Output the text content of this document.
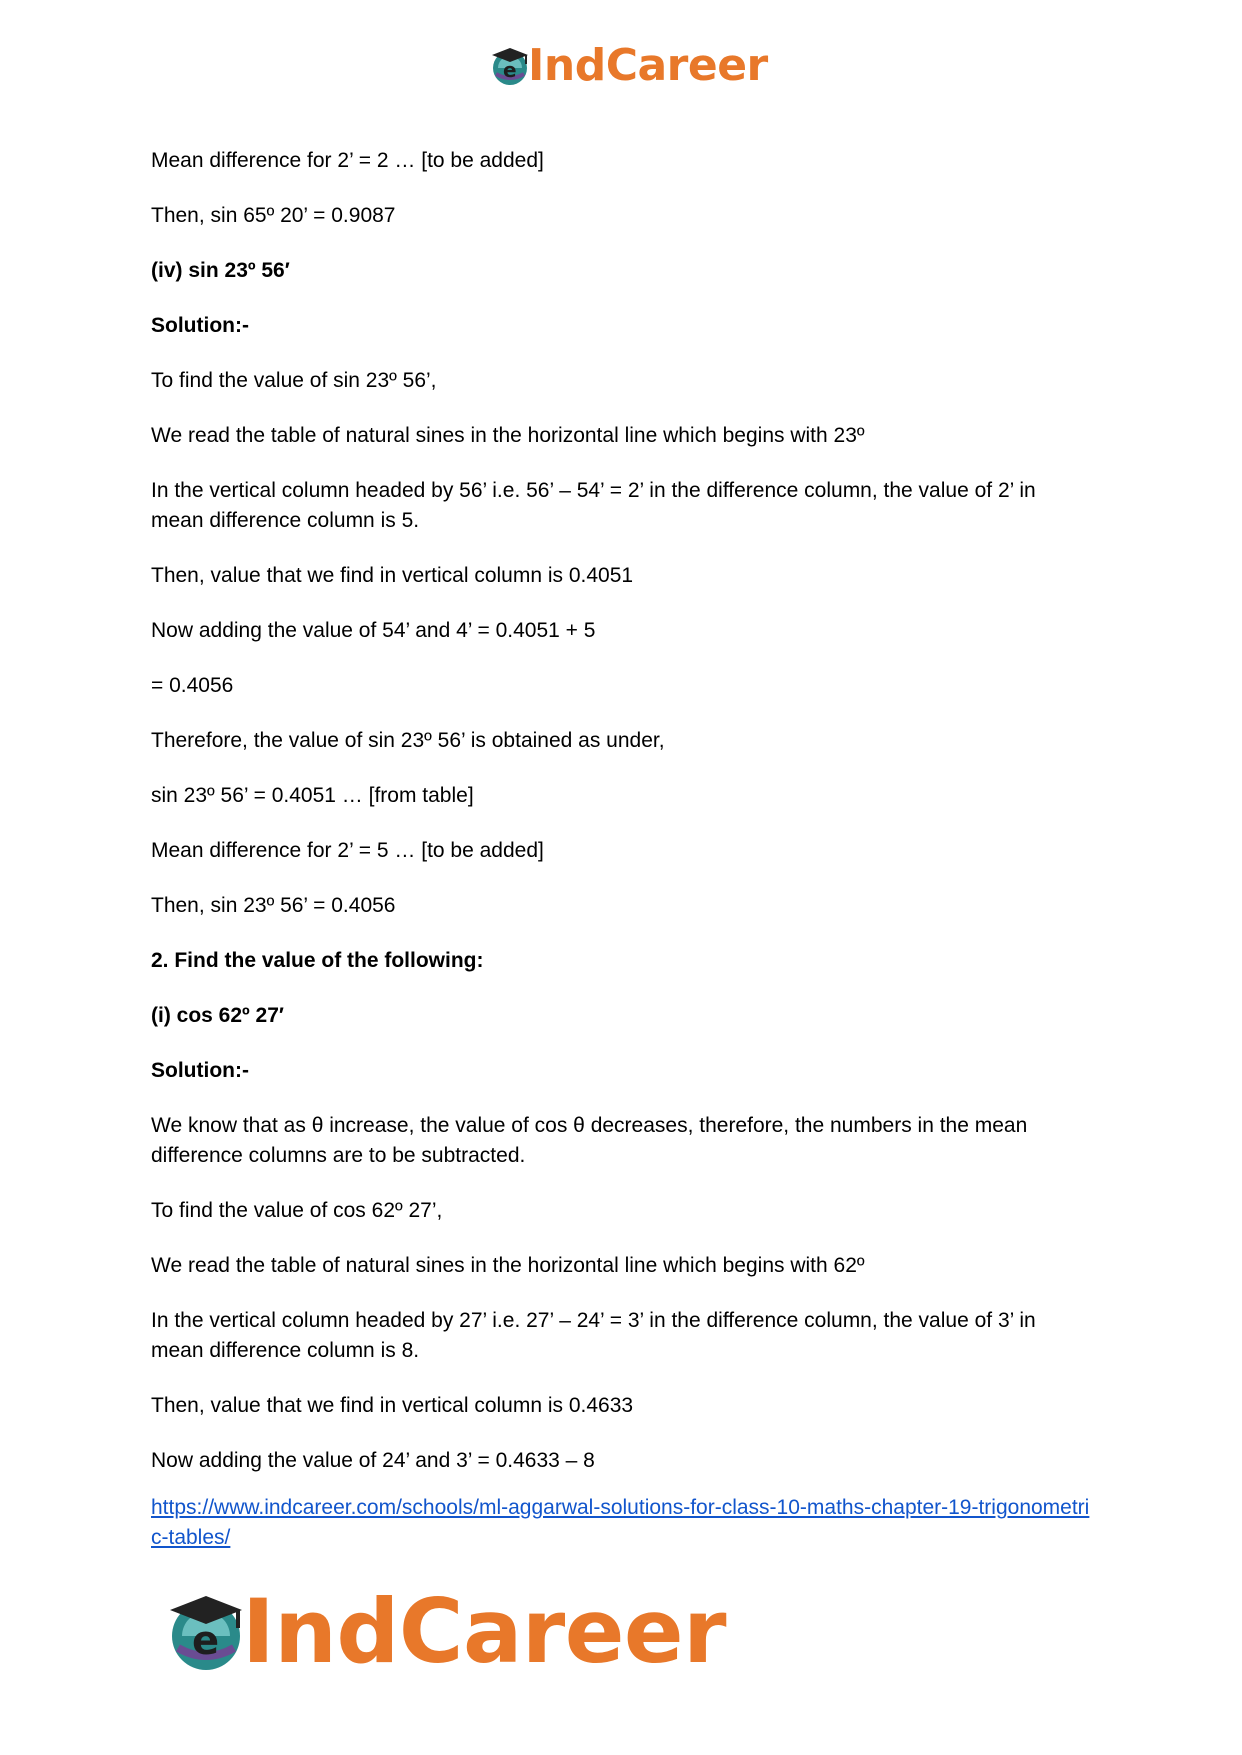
e IndCareer

Mean difference for 2’ = 2 … [to be added]

Then, sin 65º 20’ = 0.9087

(iv) sin 23º 56′

Solution:-

To find the value of sin 23º 56’,

We read the table of natural sines in the horizontal line which begins with 23º

In the vertical column headed by 56’ i.e. 56’ – 54’ = 2’ in the difference column, the value of 2’ in mean difference column is 5.

Then, value that we find in vertical column is 0.4051

Now adding the value of 54’ and 4’ = 0.4051 + 5

= 0.4056

Therefore, the value of sin 23º 56’ is obtained as under,

sin 23º 56’ = 0.4051 … [from table]

Mean difference for 2’ = 5 … [to be added]

Then, sin 23º 56’ = 0.4056

2. Find the value of the following:

(i) cos 62º 27′

Solution:-

We know that as θ increase, the value of cos θ decreases, therefore, the numbers in the mean difference columns are to be subtracted.

To find the value of cos 62º 27’,

We read the table of natural sines in the horizontal line which begins with 62º

In the vertical column headed by 27’ i.e. 27’ – 24’ = 3’ in the difference column, the value of 3’ in mean difference column is 8.

Then, value that we find in vertical column is 0.4633

Now adding the value of 24’ and 3’ = 0.4633 – 8

https://www.indcareer.com/schools/ml-aggarwal-solutions-for-class-10-maths-chapter-19-trigonometric-tables/
e IndCareer
